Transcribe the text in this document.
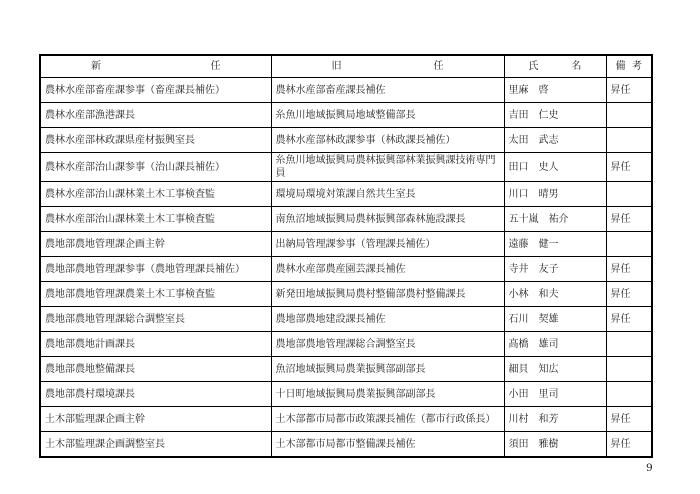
新 任	旧 任	氏 名	備 考

農林水産部畜産課参事（畜産課長補佐）	農林水産部畜産課長補佐	里麻　啓	昇任
農林水産部漁港課長	糸魚川地域振興局地域整備部長	吉田　仁史	
農林水産部林政課県産材振興室長	農林水産部林政課参事（林政課長補佐）	太田　武志	
農林水産部治山課参事（治山課長補佐）	糸魚川地域振興局農林振興部林業振興課技術専門員	田口　史人	昇任
農林水産部治山課林業土木工事検査監	環境局環境対策課自然共生室長	川口　晴男	
農林水産部治山課林業土木工事検査監	南魚沼地域振興局農林振興部森林施設課長	五十嵐　祐介	昇任
農地部農地管理課企画主幹	出納局管理課参事（管理課長補佐）	遠藤　健一	
農地部農地管理課参事（農地管理課長補佐）	農林水産部農産園芸課長補佐	寺井　友子	昇任
農地部農地管理課農業土木工事検査監	新発田地域振興局農村整備部農村整備課長	小林　和夫	昇任
農地部農地管理課総合調整室長	農地部農地建設課長補佐	石川　契雄	昇任
農地部農地計画課長	農地部農地管理課総合調整室長	髙橋　雄司	
農地部農地整備課長	魚沼地域振興局農業振興部副部長	細貝　知広	
農地部農村環境課長	十日町地域振興局農業振興部副部長	小田　里司	
土木部監理課企画主幹	土木部都市局都市政策課長補佐（都市行政係長）	川村　和芳	昇任
土木部監理課企画調整室長	土木部都市局都市整備課長補佐	須田　雅樹	昇任
9
